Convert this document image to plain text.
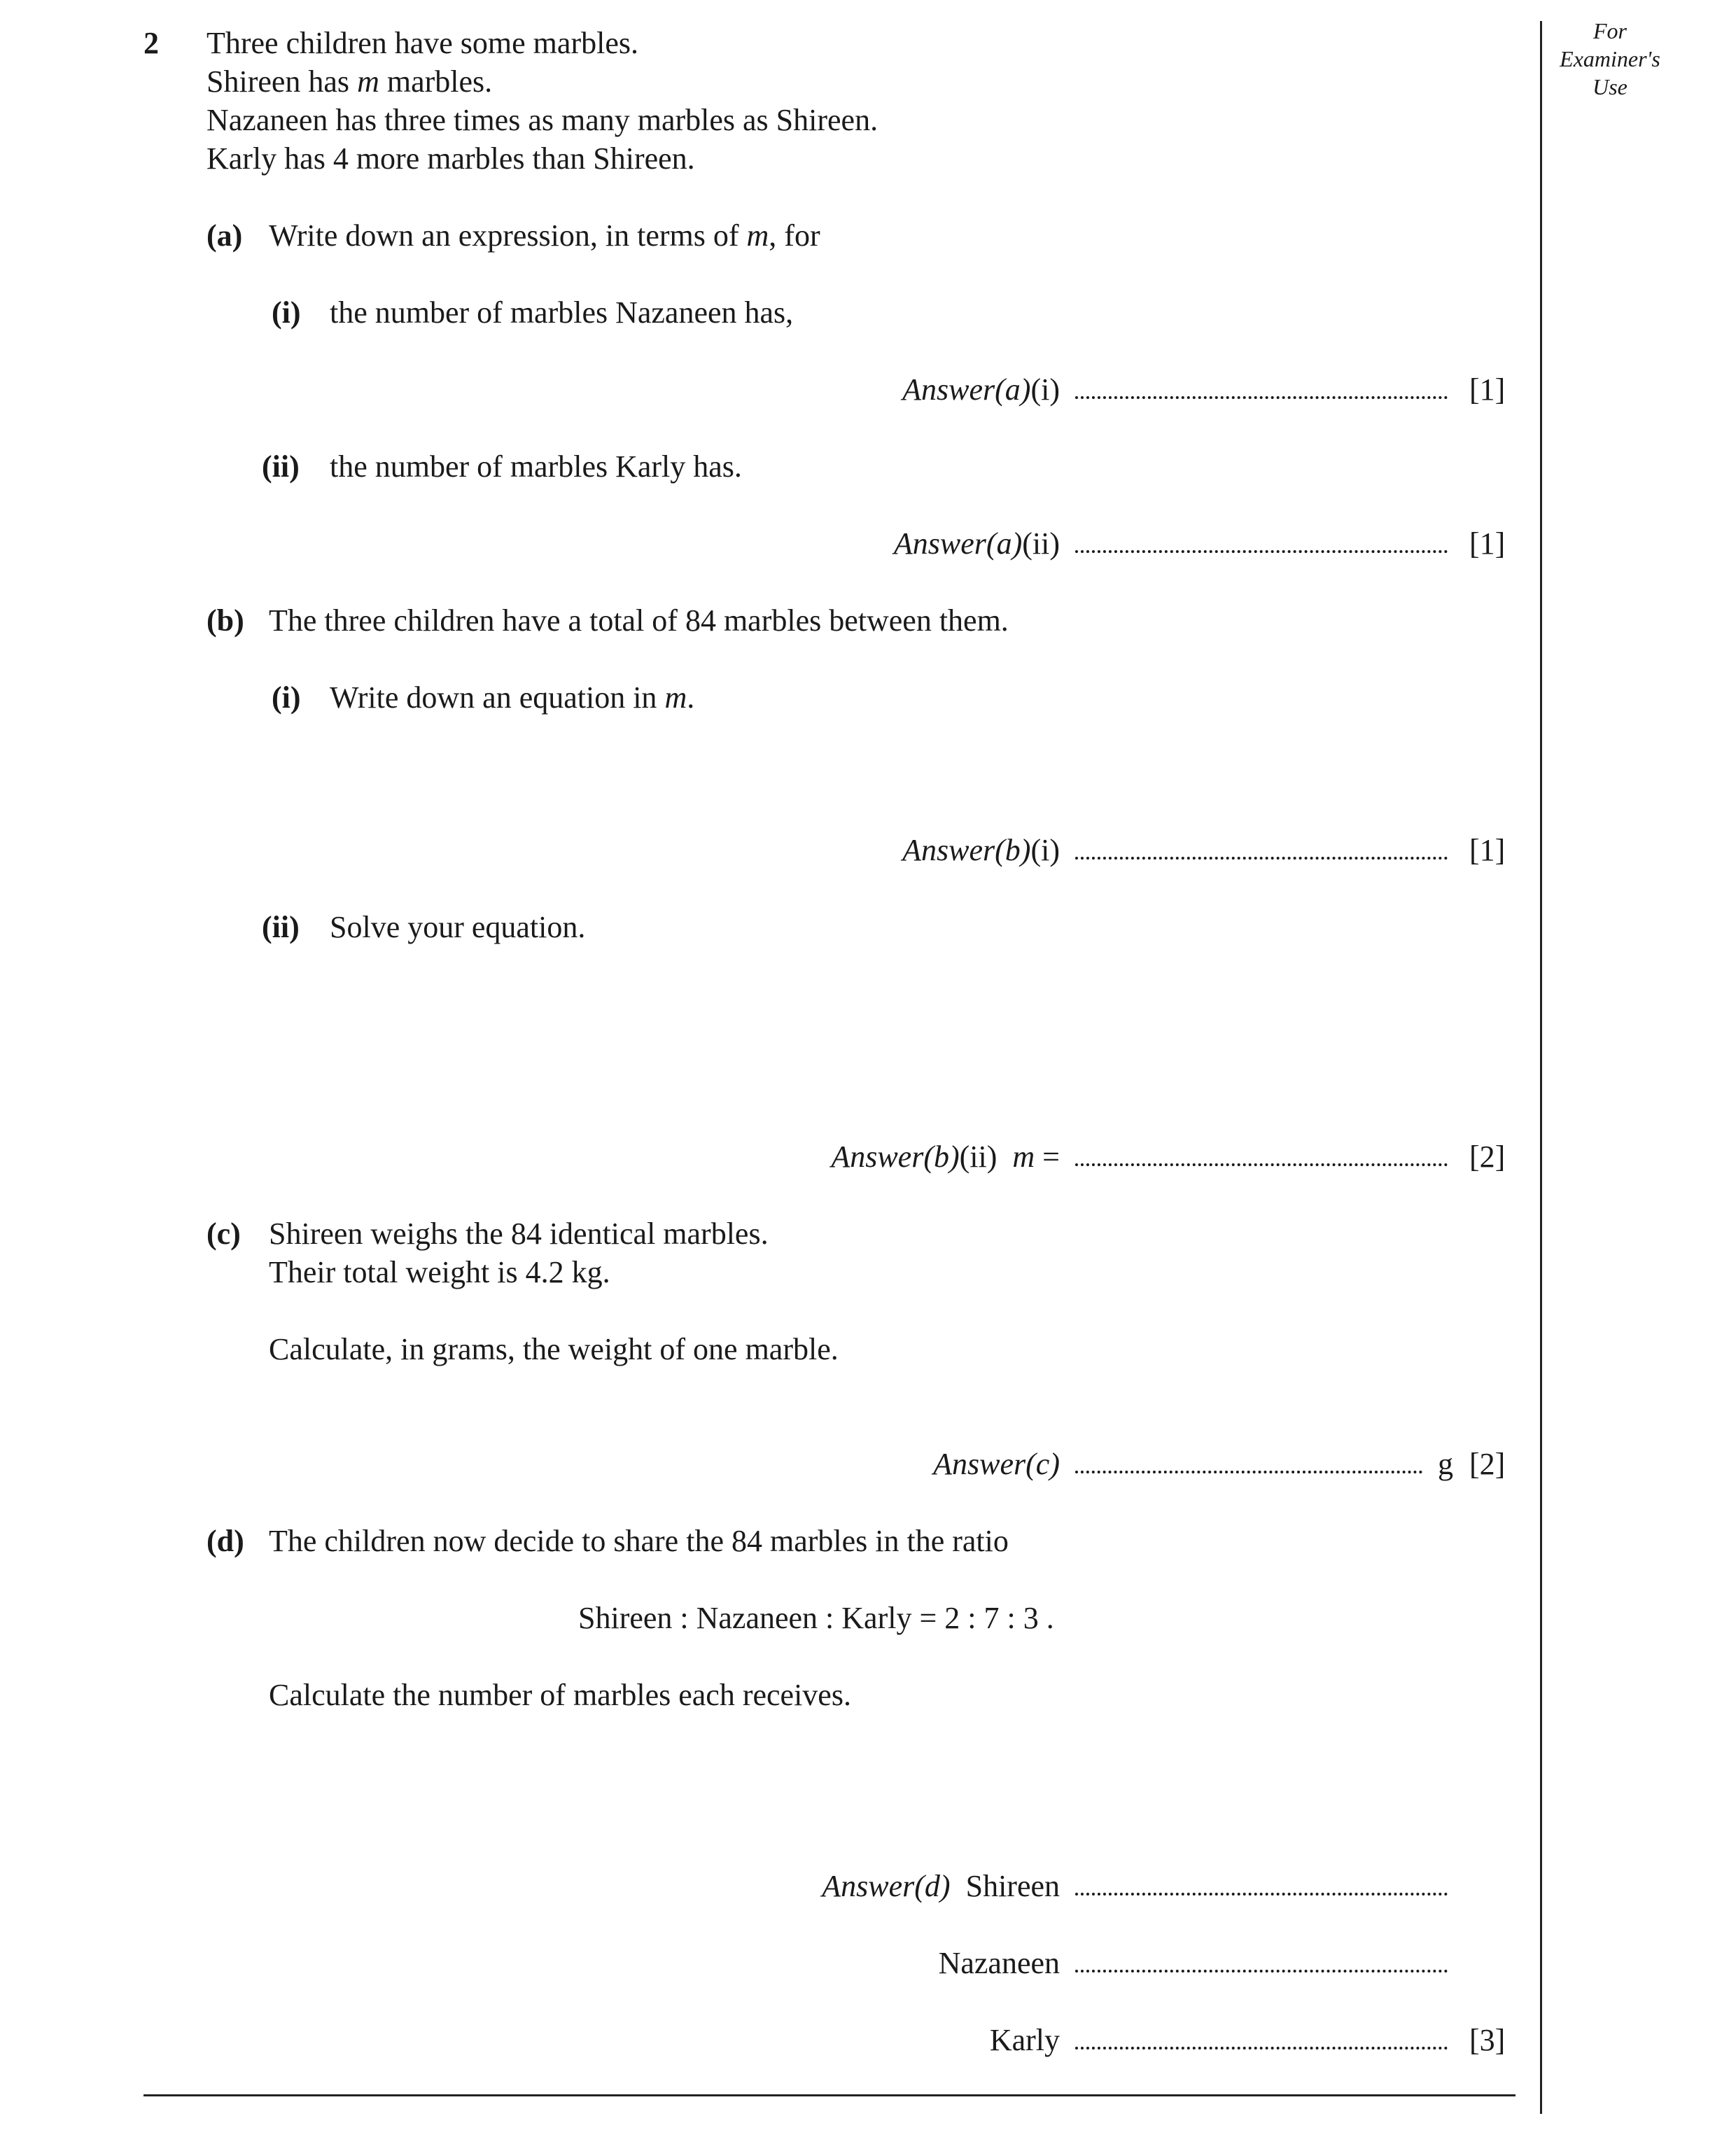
For
Examiner's
Use
2 Three children have some marbles.
Shireen has m marbles.
Nazaneen has three times as many marbles as Shireen.
Karly has 4 more marbles than Shireen.
(a) Write down an expression, in terms of m, for
(i) the number of marbles Nazaneen has,
Answer(a)(i)	[1]
(ii) the number of marbles Karly has.
Answer(a)(ii)	[1]
(b) The three children have a total of 84 marbles between them.
(i) Write down an equation in m.
Answer(b)(i)	[1]
(ii) Solve your equation.
Answer(b)(ii) m =	[2]
(c) Shireen weighs the 84 identical marbles.
Their total weight is 4.2 kg.
Calculate, in grams, the weight of one marble.
Answer(c)	g [2]
(d) The children now decide to share the 84 marbles in the ratio
Shireen : Nazaneen : Karly = 2 : 7 : 3 .
Calculate the number of marbles each receives.
Answer(d) Shireen
Nazaneen
Karly	[3]
